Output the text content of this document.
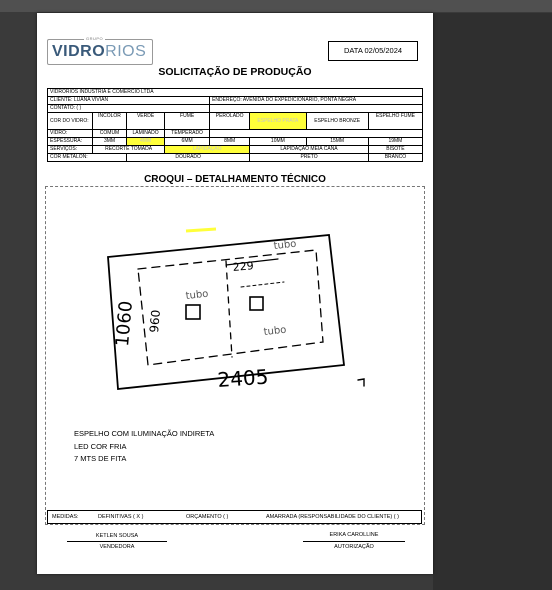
GRUPO
VIDRORIOS	DATA 02/05/2024
SOLICITAÇÃO DE PRODUÇÃO
VIDRORIOS INDÚSTRIA E COMERCIO LTDA							
CLIENTE: LUANA VIVIAN				ENDEREÇO: AVENIDA DO EXPEDICIONÁRIO, PONTA NEGRA			
CONTATO: ( )							
COR DO VIDRO:	INCOLOR	VERDE	FUMÊ	PEROLADO	ESPELHO PRATA	ESPELHO BRONZE	ESPELHO FUMÊ
VIDRO:	COMUM	LAMINADO	TEMPERADO				
ESPESSURA:	3MM	4MM	6MM	8MM	10MM	15MM	19MM
SERVIÇOS:	RECORTE TOMADA		LAPIDAÇÃO		LAPIDAÇÃO MEIA CANA		BISOTÊ
COR METALON:		DOURADO			PRETO		BRANCO
CROQUI – DETALHAMENTO TÉCNICO
2405
1060 960
229
tubo
tubo
tubo
ESPELHO COM ILUMINAÇÃO INDIRETA
LED COR FRIA
7 MTS DE FITA
MEDIDAS:	DEFINITIVAS ( X )	ORÇAMENTO ( )	AMARRADA (RESPONSABILIDADE DO CLIENTE) ( )
KETLEN SOUSA
VENDEDORA
ERIKA CAROLLINE
AUTORIZAÇÃO
